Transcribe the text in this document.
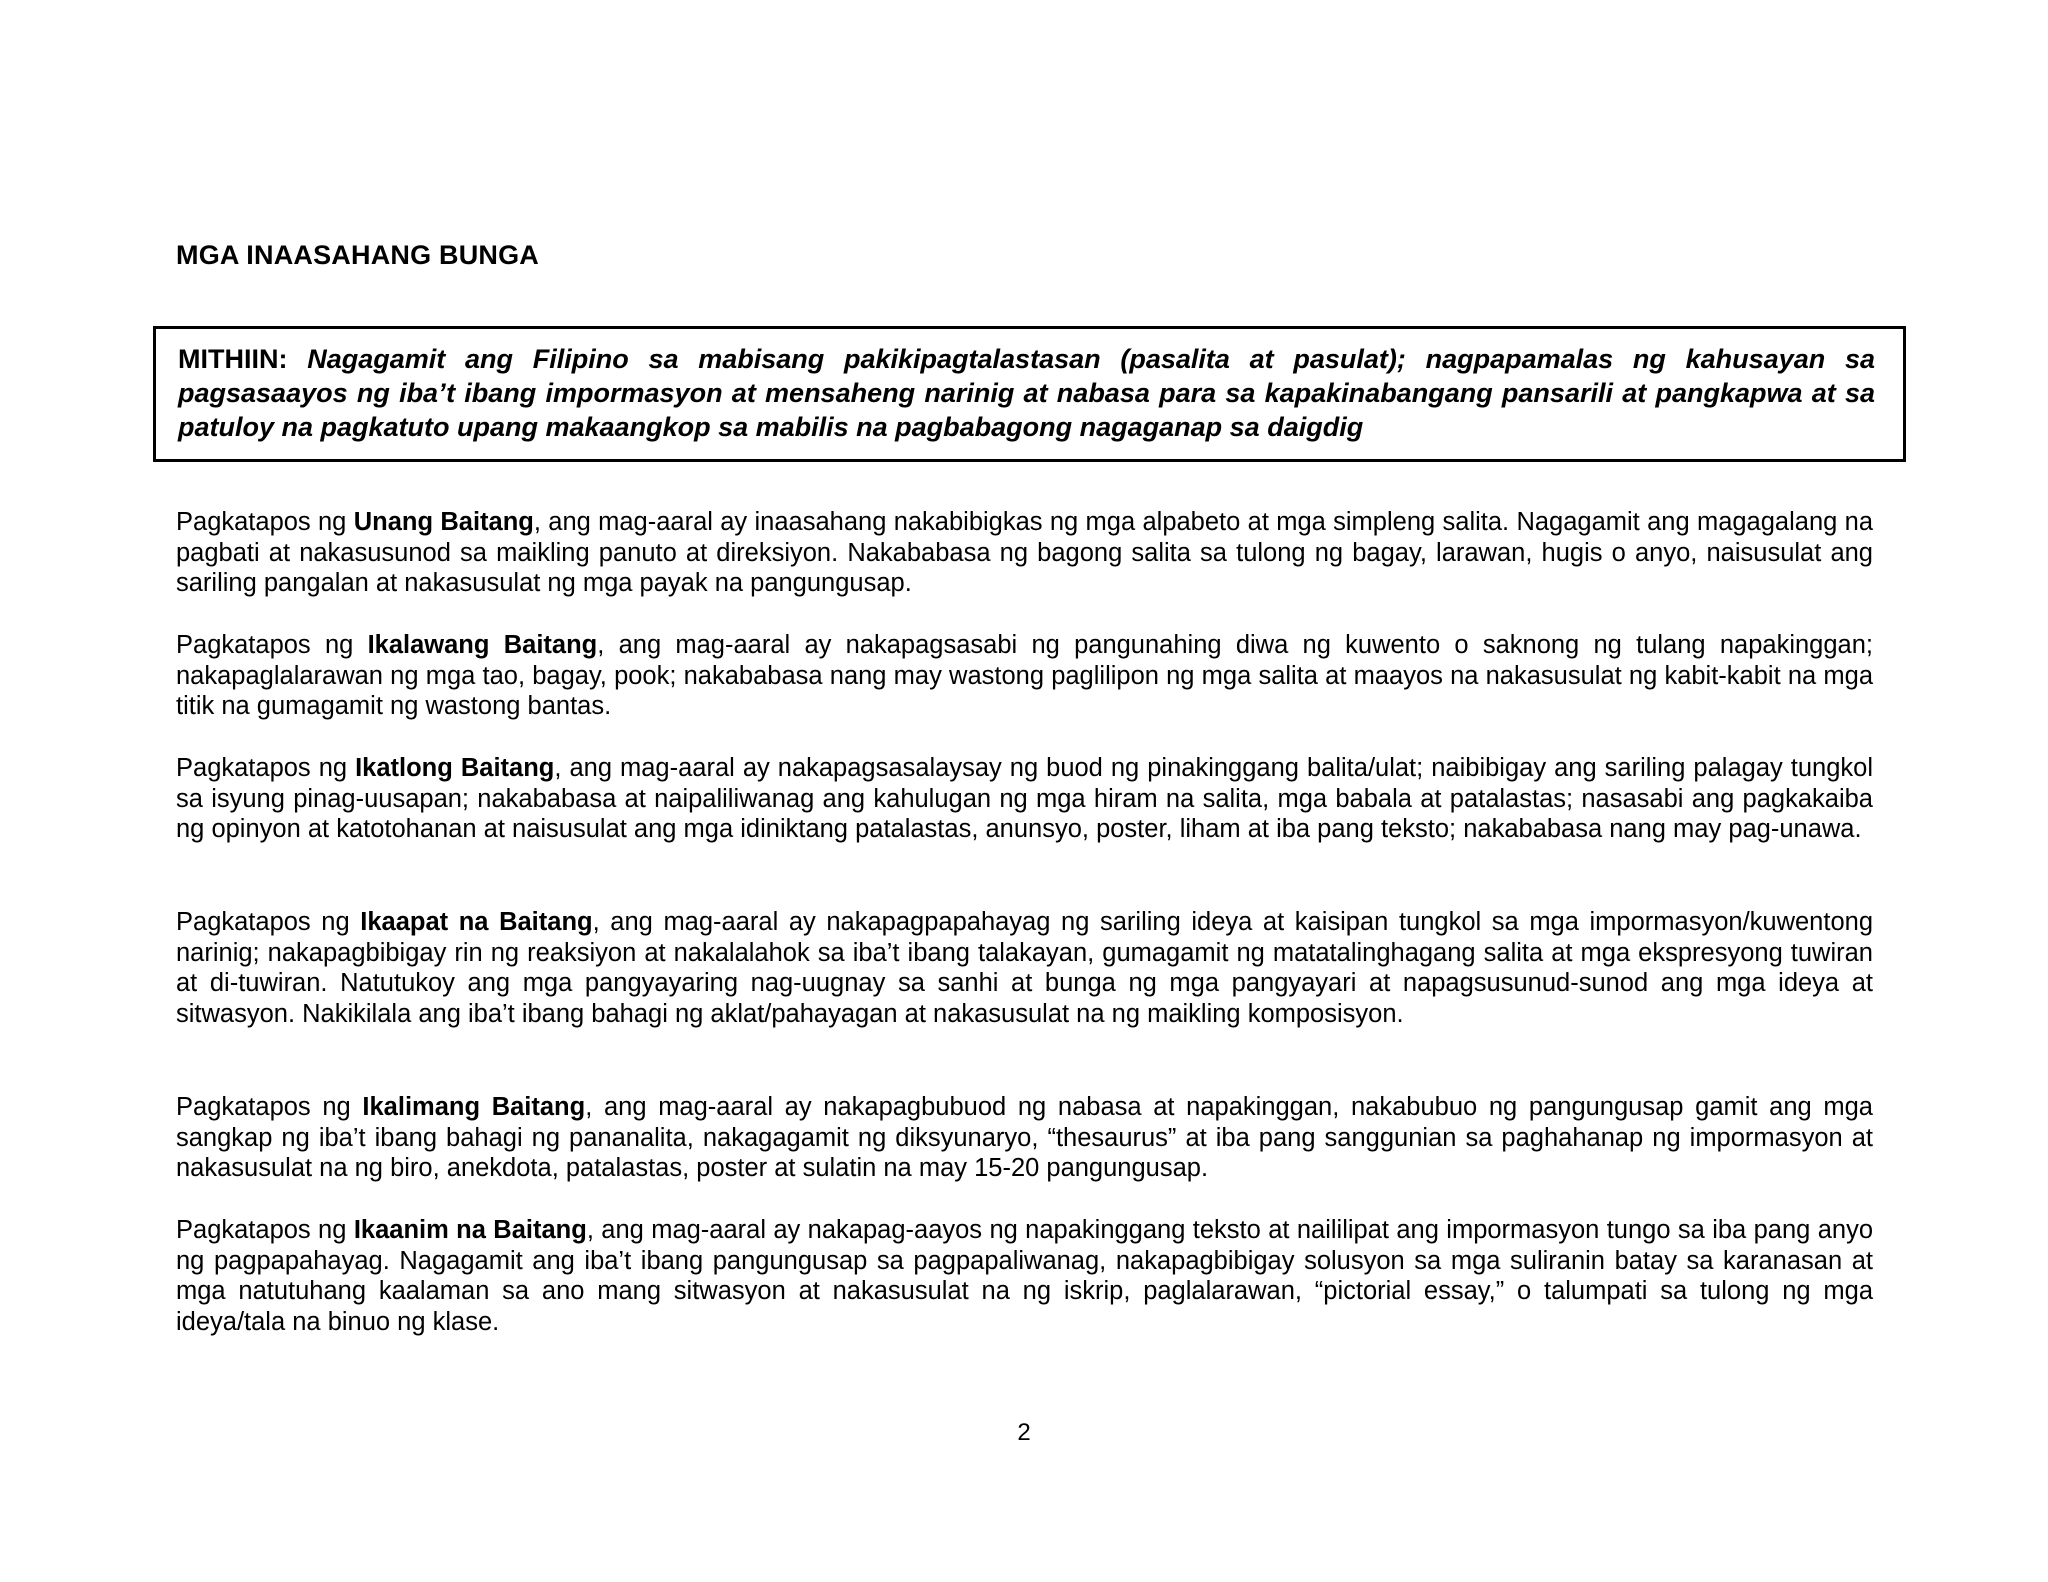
MGA INAASAHANG BUNGA
MITHIIN: Nagagamit ang Filipino sa mabisang pakikipagtalastasan (pasalita at pasulat); nagpapamalas ng kahusayan sa pagsasaayos ng iba’t ibang impormasyon at mensaheng narinig at nabasa para sa kapakinabangang pansarili at pangkapwa at sa patuloy na pagkatuto upang makaangkop sa mabilis na pagbabagong nagaganap sa daigdig

Pagkatapos ng Unang Baitang, ang mag-aaral ay inaasahang nakabibigkas ng mga alpabeto at mga simpleng salita. Nagagamit ang magagalang na pagbati at nakasusunod sa maikling panuto at direksiyon. Nakababasa ng bagong salita sa tulong ng bagay, larawan, hugis o anyo, naisusulat ang sariling pangalan at nakasusulat ng mga payak na pangungusap.

Pagkatapos ng Ikalawang Baitang, ang mag-aaral ay nakapagsasabi ng pangunahing diwa ng kuwento o saknong ng tulang napakinggan; nakapaglalarawan ng mga tao, bagay, pook; nakababasa nang may wastong paglilipon ng mga salita at maayos na nakasusulat ng kabit-kabit na mga titik na gumagamit ng wastong bantas.

Pagkatapos ng Ikatlong Baitang, ang mag-aaral ay nakapagsasalaysay ng buod ng pinakinggang balita/ulat; naibibigay ang sariling palagay tungkol sa isyung pinag-uusapan; nakababasa at naipaliliwanag ang kahulugan ng mga hiram na salita, mga babala at patalastas; nasasabi ang pagkakaiba ng opinyon at katotohanan at naisusulat ang mga idiniktang patalastas, anunsyo, poster, liham at iba pang teksto; nakababasa nang may pag-unawa.

Pagkatapos ng Ikaapat na Baitang, ang mag-aaral ay nakapagpapahayag ng sariling ideya at kaisipan tungkol sa mga impormasyon/kuwentong narinig; nakapagbibigay rin ng reaksiyon at nakalalahok sa iba’t ibang talakayan, gumagamit ng matatalinghagang salita at mga ekspresyong tuwiran at di-tuwiran. Natutukoy ang mga pangyayaring nag-uugnay sa sanhi at bunga ng mga pangyayari at napagsusunud-sunod ang mga ideya at sitwasyon. Nakikilala ang iba’t ibang bahagi ng aklat/pahayagan at nakasusulat na ng maikling komposisyon.

Pagkatapos ng Ikalimang Baitang, ang mag-aaral ay nakapagbubuod ng nabasa at napakinggan, nakabubuo ng pangungusap gamit ang mga sangkap ng iba’t ibang bahagi ng pananalita, nakagagamit ng diksyunaryo, “thesaurus” at iba pang sanggunian sa paghahanap ng impormasyon at nakasusulat na ng biro, anekdota, patalastas, poster at sulatin na may 15-20 pangungusap.

Pagkatapos ng Ikaanim na Baitang, ang mag-aaral ay nakapag-aayos ng napakinggang teksto at naililipat ang impormasyon tungo sa iba pang anyo ng pagpapahayag. Nagagamit ang iba’t ibang pangungusap sa pagpapaliwanag, nakapagbibigay solusyon sa mga suliranin batay sa karanasan at mga natutuhang kaalaman sa ano mang sitwasyon at nakasusulat na ng iskrip, paglalarawan, “pictorial essay,” o talumpati sa tulong ng mga ideya/tala na binuo ng klase.

2
